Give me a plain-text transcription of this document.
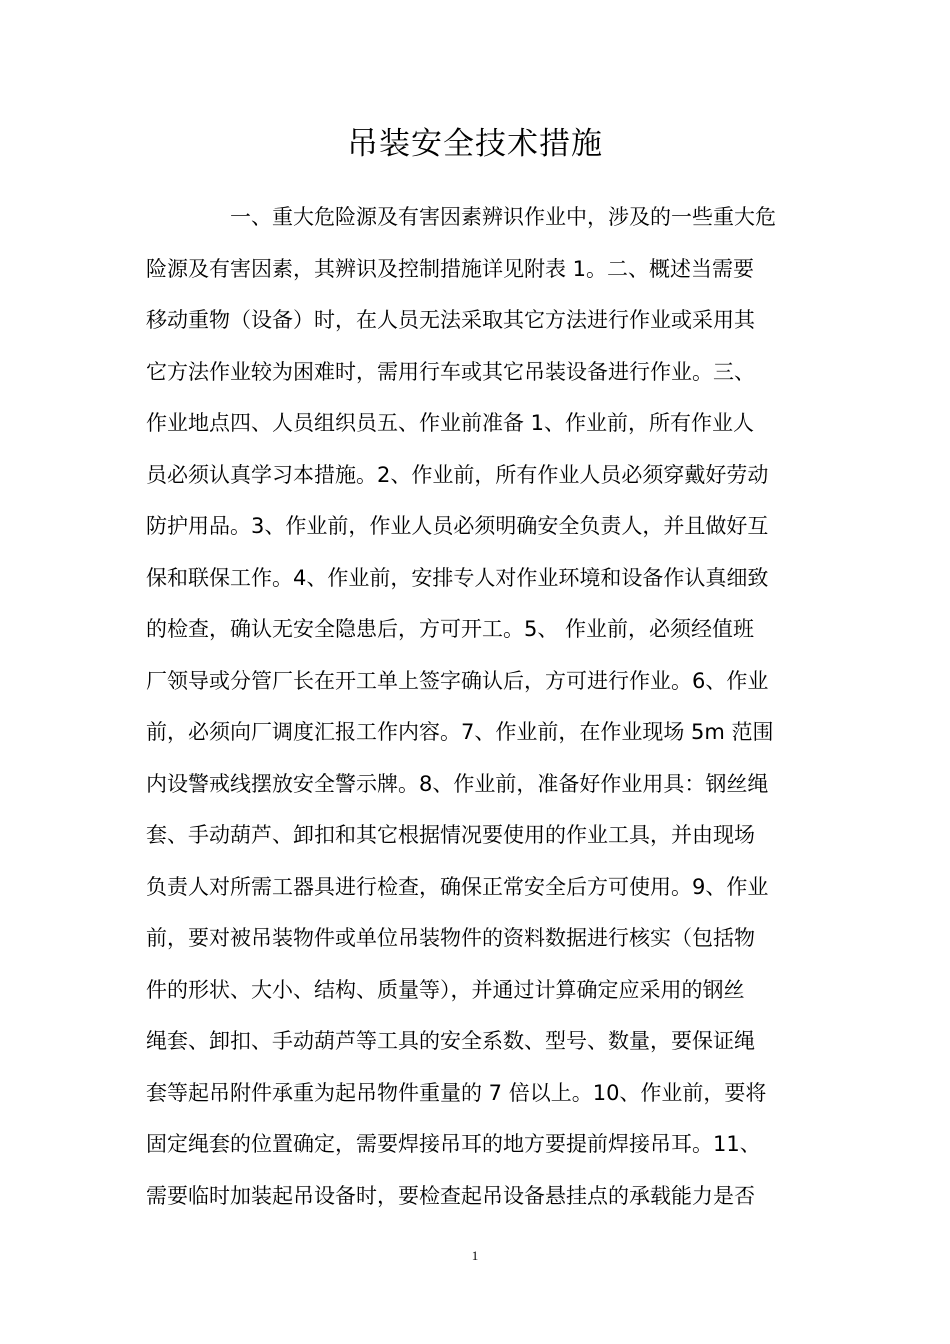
吊装安全技术措施
一、重大危险源及有害因素辨识作业中，涉及的一些重大危
险源及有害因素，其辨识及控制措施详见附表 1。二、概述当需要
移动重物（设备）时，在人员无法采取其它方法进行作业或采用其
它方法作业较为困难时，需用行车或其它吊装设备进行作业。三、
作业地点四、人员组织员五、作业前准备 1、作业前，所有作业人
员必须认真学习本措施。2、作业前，所有作业人员必须穿戴好劳动
防护用品。3、作业前，作业人员必须明确安全负责人，并且做好互
保和联保工作。4、作业前，安排专人对作业环境和设备作认真细致
的检查，确认无安全隐患后，方可开工。5、 作业前，必须经值班
厂领导或分管厂长在开工单上签字确认后，方可进行作业。6、作业
前，必须向厂调度汇报工作内容。7、作业前，在作业现场 5m 范围
内设警戒线摆放安全警示牌。8、作业前，准备好作业用具：钢丝绳
套、手动葫芦、卸扣和其它根据情况要使用的作业工具，并由现场
负责人对所需工器具进行检查，确保正常安全后方可使用。9、作业
前，要对被吊装物件或单位吊装物件的资料数据进行核实（包括物
件的形状、大小、结构、质量等），并通过计算确定应采用的钢丝
绳套、卸扣、手动葫芦等工具的安全系数、型号、数量，要保证绳
套等起吊附件承重为起吊物件重量的 7 倍以上。10、作业前，要将
固定绳套的位置确定，需要焊接吊耳的地方要提前焊接吊耳。11、
需要临时加装起吊设备时，要检查起吊设备悬挂点的承载能力是否
1
